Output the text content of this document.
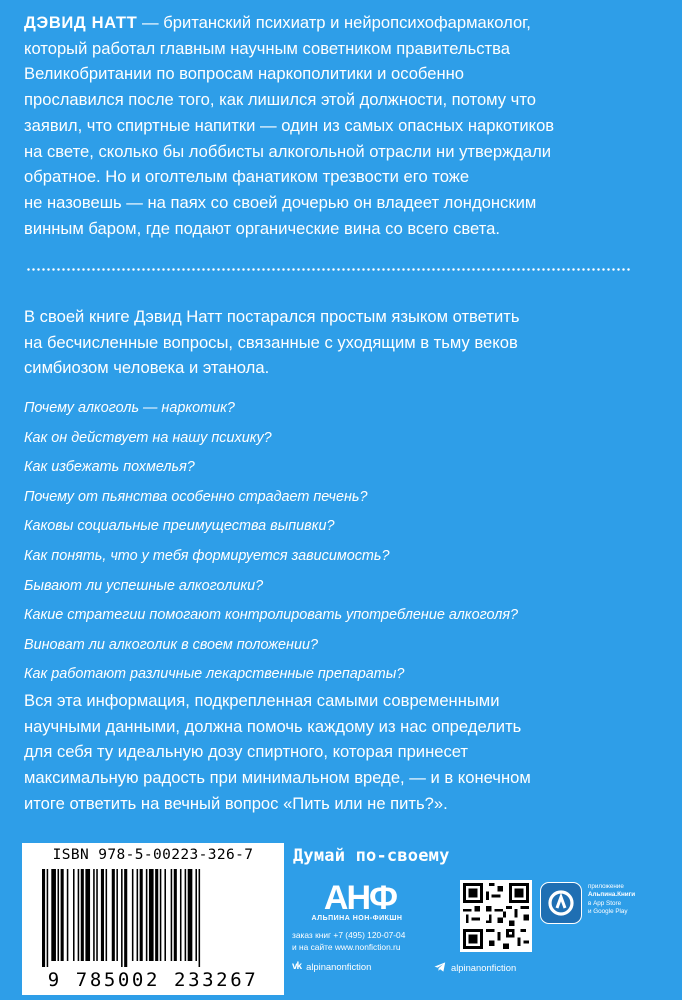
ДЭВИД НАТТ — британский психиатр и нейропсихофармаколог,
который работал главным научным советником правительства
Великобритании по вопросам наркополитики и особенно
прославился после того, как лишился этой должности, потому что
заявил, что спиртные напитки — один из самых опасных наркотиков
на свете, сколько бы лоббисты алкогольной отрасли ни утверждали
обратное. Но и оголтелым фанатиком трезвости его тоже
не назовешь — на паях со своей дочерью он владеет лондонским
винным баром, где подают органические вина со всего света.
В своей книге Дэвид Натт постарался простым языком ответить
на бесчисленные вопросы, связанные с уходящим в тьму веков
симбиозом человека и этанола.
Почему алкоголь — наркотик?
Как он действует на нашу психику?
Как избежать похмелья?
Почему от пьянства особенно страдает печень?
Каковы социальные преимущества выпивки?
Как понять, что у тебя формируется зависимость?
Бывают ли успешные алкоголики?
Какие стратегии помогают контролировать употребление алкоголя?
Виноват ли алкоголик в своем положении?
Как работают различные лекарственные препараты?
Вся эта информация, подкрепленная самыми современными
научными данными, должна помочь каждому из нас определить
для себя ту идеальную дозу спиртного, которая принесет
максимальную радость при минимальном вреде, — и в конечном
итоге ответить на вечный вопрос «Пить или не пить?».
ISBN 978-5-00223-326-7
9 785002 233267
Думай по-своему
АНФ
АЛЬПИНА НОН-ФИКШН
заказ книг +7 (495) 120-07-04
и на сайте www.nonfiction.ru
приложение
Альпина.Книги
в App Store
и Google Play
vk alpinanonfiction	alpinanonfiction
